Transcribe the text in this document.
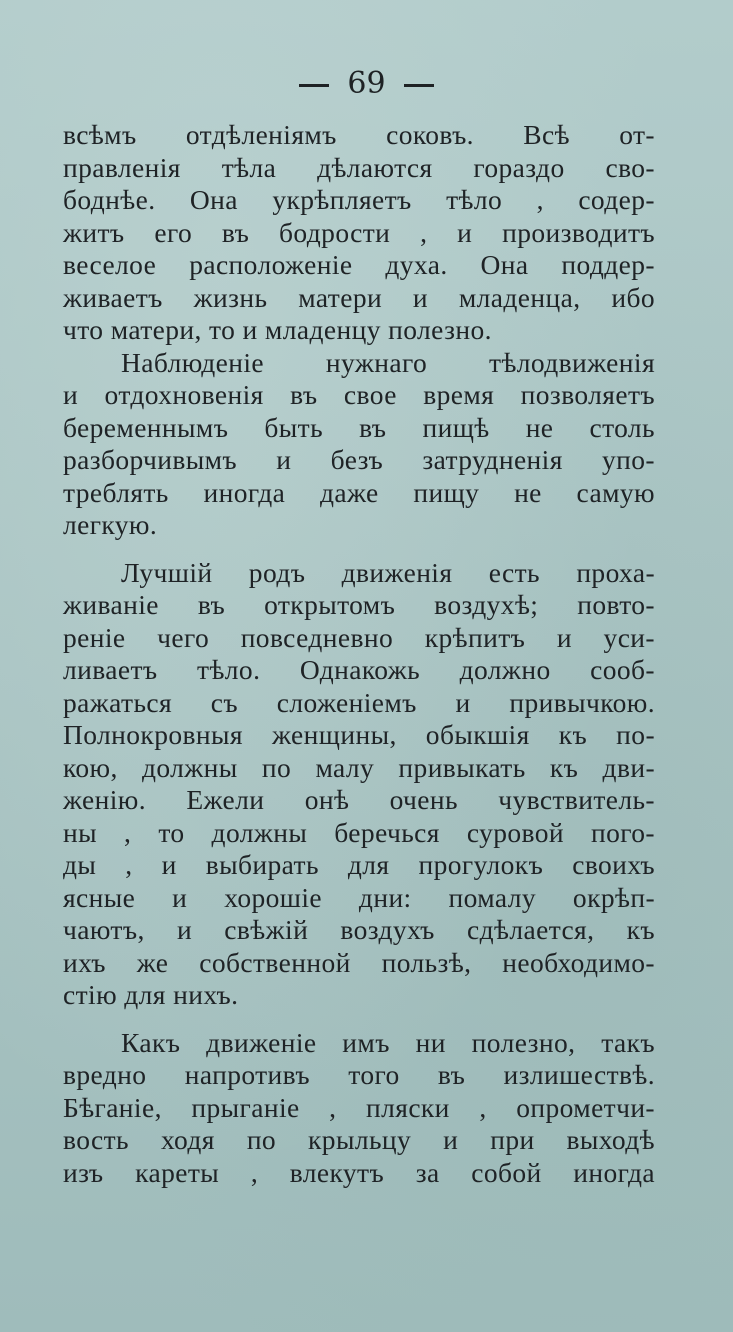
69
всѣмъ отдѣленіямъ соковъ. Всѣ от-
правленія тѣла дѣлаются гораздо сво-
боднѣе. Она укрѣпляетъ тѣло , содер-
житъ его въ бодрости , и производитъ
веселое расположеніе духа. Она поддер-
живаетъ жизнь матери и младенца, ибо
что матери, то и младенцу полезно.
Наблюденіе нужнаго тѣлодвиженія
и отдохновенія въ свое время позволяетъ
беременнымъ быть въ пищѣ не столь
разборчивымъ и безъ затрудненія упо-
треблять иногда даже пищу не самую
легкую.
Лучшій родъ движенія есть проха-
живаніе въ открытомъ воздухѣ; повто-
реніе чего повседневно крѣпитъ и уси-
ливаетъ тѣло. Однакожь должно сооб-
ражаться съ сложеніемъ и привычкою.
Полнокровныя женщины, обыкшія къ по-
кою, должны по малу привыкать къ дви-
женію. Ежели онѣ очень чувствитель-
ны , то должны беречься суровой пого-
ды , и выбирать для прогулокъ своихъ
ясные и хорошіе дни: помалу окрѣп-
чаютъ, и свѣжій воздухъ сдѣлается, къ
ихъ же собственной пользѣ, необходимо-
стію для нихъ.
Какъ движеніе имъ ни полезно, такъ
вредно напротивъ того въ излишествѣ.
Бѣганіе, прыганіе , пляски , опрометчи-
вость ходя по крыльцу и при выходѣ
изъ кареты , влекутъ за собой иногда
